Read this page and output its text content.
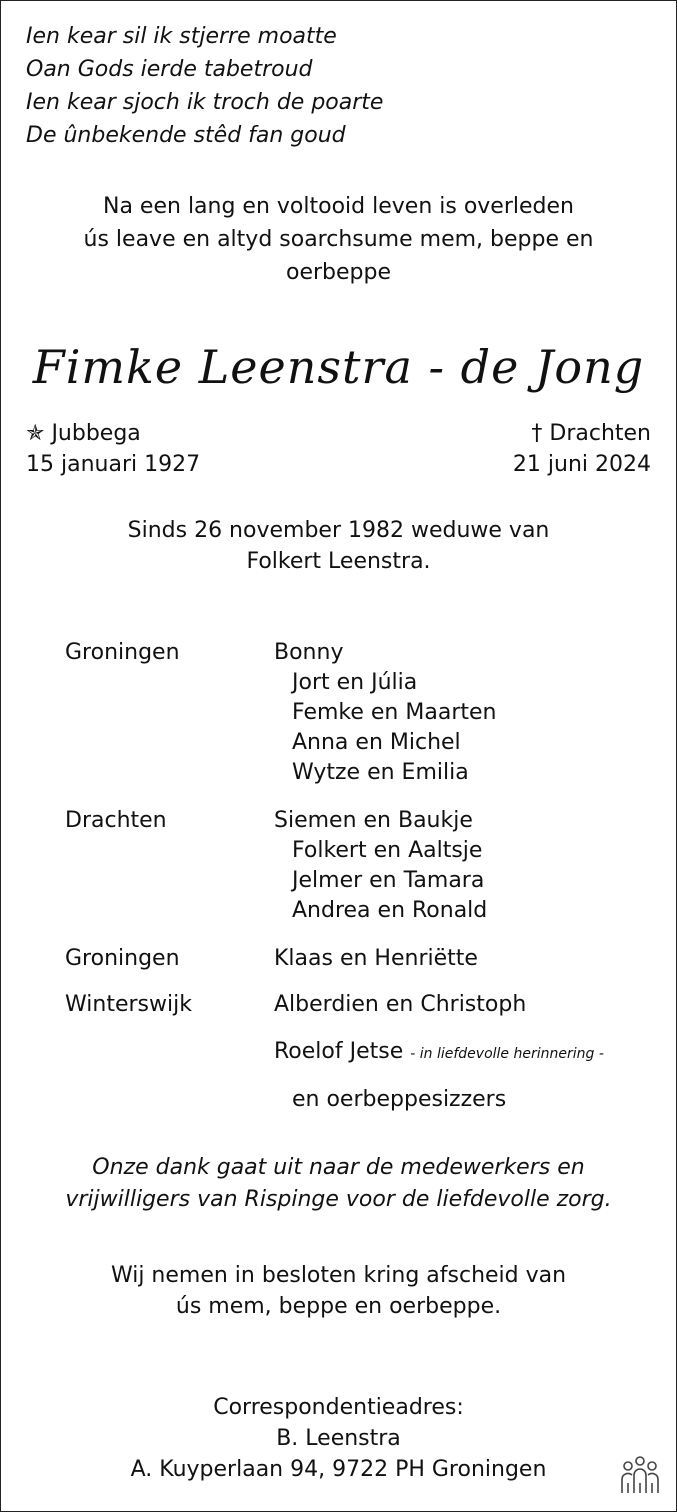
Ien kear sil ik stjerre moatte
Oan Gods ierde tabetroud
Ien kear sjoch ik troch de poarte
De ûnbekende stêd fan goud
Na een lang en voltooid leven is overleden
ús leave en altyd soarchsume mem, beppe en
oerbeppe
Fimke Leenstra - de Jong
✯ Jubbega
15 januari 1927
† Drachten
21 juni 2024
Sinds 26 november 1982 weduwe van
Folkert Leenstra.
Groningen	Bonny
Jort en Júlia
Femke en Maarten
Anna en Michel
Wytze en Emilia
Drachten	Siemen en Baukje
Folkert en Aaltsje
Jelmer en Tamara
Andrea en Ronald
Groningen	Klaas en Henriëtte
Winterswijk	Alberdien en Christoph
Roelof Jetse - in liefdevolle herinnering -
en oerbeppesizzers
Onze dank gaat uit naar de medewerkers en
vrijwilligers van Rispinge voor de liefdevolle zorg.
Wij nemen in besloten kring afscheid van
ús mem, beppe en oerbeppe.
Correspondentieadres:
B. Leenstra
A. Kuyperlaan 94, 9722 PH Groningen
